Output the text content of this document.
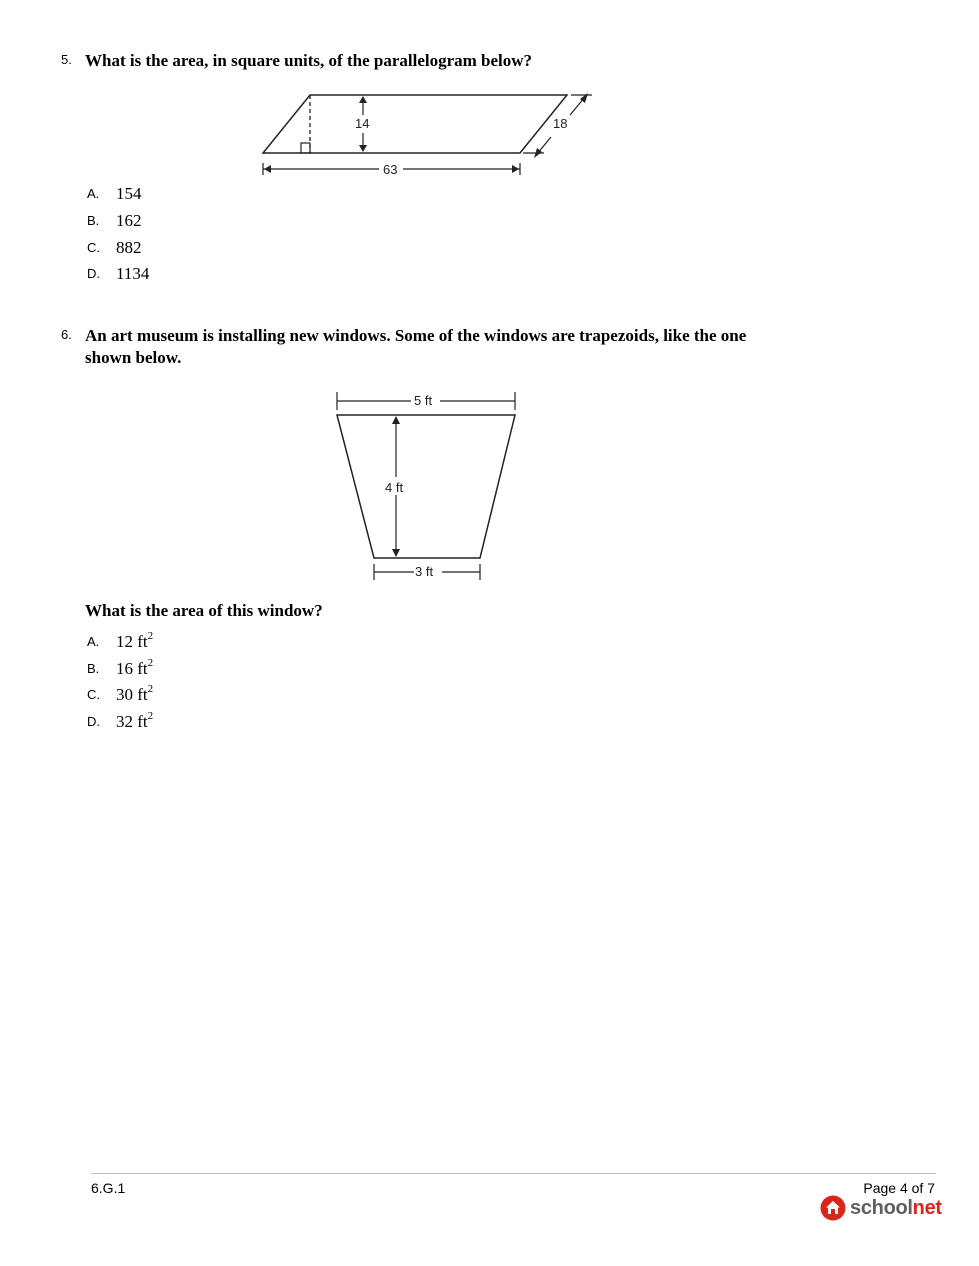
5. What is the area, in square units, of the parallelogram below?
14	18
63
A. 154
B. 162
C. 882
D. 1134
6. An art museum is installing new windows. Some of the windows are trapezoids, like the one
shown below.
5 ft
4 ft
3 ft
What is the area of this window?
A. 12 $ft^2$
B. 16 $ft^2$
C. 30 $ft^2$
D. 32 $ft^2$
6.G.1	Page 4 of 7
schoolnet
